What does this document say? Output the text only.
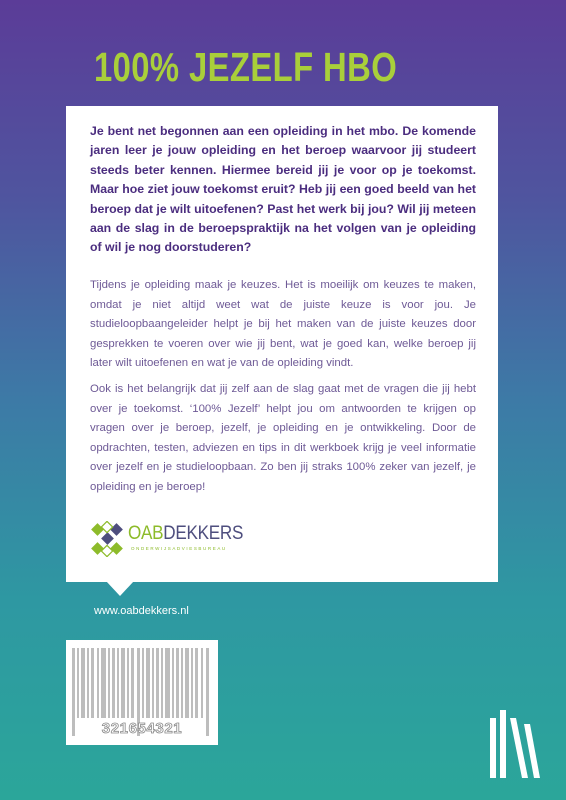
100% JEZELF HBO

Je bent net begonnen aan een opleiding in het mbo. De komende jaren leer je jouw opleiding en het beroep waarvoor jij studeert steeds beter kennen. Hiermee bereid jij je voor op je toekomst. Maar hoe ziet jouw toekomst eruit? Heb jij een goed beeld van het beroep dat je wilt uitoefenen? Past het werk bij jou? Wil jij meteen aan de slag in de beroepspraktijk na het volgen van je opleiding of wil je nog doorstuderen?

Tijdens je opleiding maak je keuzes. Het is moeilijk om keuzes te maken, omdat je niet altijd weet wat de juiste keuze is voor jou. Je studieloopbaangeleider helpt je bij het maken van de juiste keuzes door gesprekken te voeren over wie jij bent, wat je goed kan, welke beroep jij later wilt uitoefenen en wat je van de opleiding vindt.

Ook is het belangrijk dat jij zelf aan de slag gaat met de vragen die jij hebt over je toekomst. ‘100% Jezelf’ helpt jou om antwoorden te krijgen op vragen over je beroep, jezelf, je opleiding en je ontwikkeling. Door de opdrachten, testen, adviezen en tips in dit werkboek krijg je veel informatie over jezelf en je studieloopbaan. Zo ben jij straks 100% zeker van jezelf, je opleiding en je beroep!

OABDEKKERS
ONDERWIJSADVIESBUREAU
www.oabdekkers.nl
321654321
